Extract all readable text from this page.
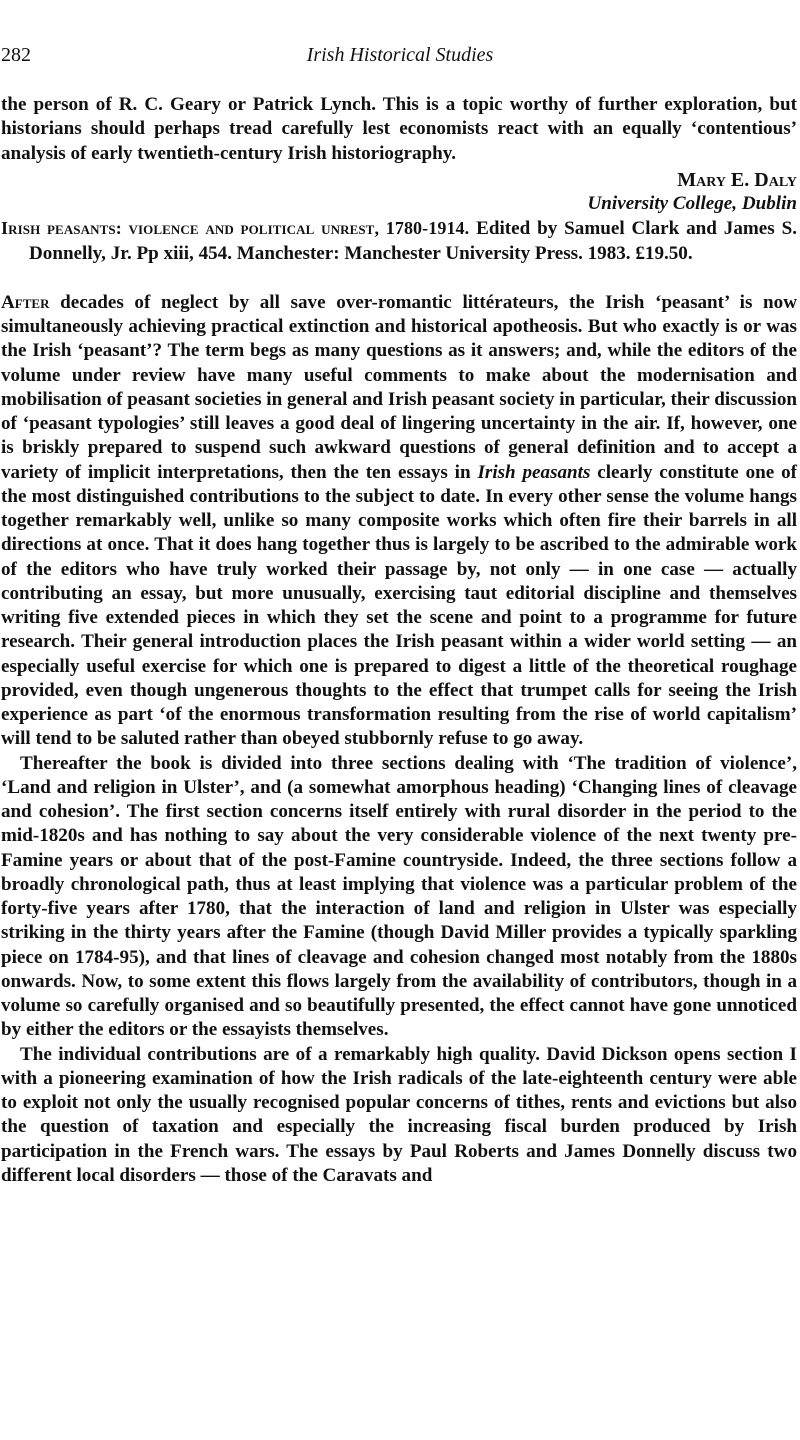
282	Irish Historical Studies

the person of R. C. Geary or Patrick Lynch. This is a topic worthy of further exploration, but historians should perhaps tread carefully lest economists react with an equally ‘contentious’ analysis of early twentieth-century Irish historiography.

Mary E. Daly
University College, Dublin

Irish peasants: violence and political unrest, 1780-1914. Edited by Samuel Clark and James S. Donnelly, Jr. Pp xiii, 454. Manchester: Manchester University Press. 1983. £19.50.

After decades of neglect by all save over-romantic littérateurs, the Irish ‘peasant’ is now simultaneously achieving practical extinction and historical apotheosis. But who exactly is or was the Irish ‘peasant’? The term begs as many questions as it answers; and, while the editors of the volume under review have many useful comments to make about the modernisation and mobilisation of peasant societies in general and Irish peasant society in particular, their discussion of ‘peasant typologies’ still leaves a good deal of lingering uncertainty in the air. If, however, one is briskly prepared to suspend such awkward questions of general definition and to accept a variety of implicit interpretations, then the ten essays in Irish peasants clearly constitute one of the most distinguished contributions to the subject to date. In every other sense the volume hangs together remarkably well, unlike so many composite works which often fire their barrels in all directions at once. That it does hang together thus is largely to be ascribed to the admirable work of the editors who have truly worked their passage by, not only — in one case — actually contributing an essay, but more unusually, exercising taut editorial discipline and themselves writing five extended pieces in which they set the scene and point to a programme for future research. Their general introduction places the Irish peasant within a wider world setting — an especially useful exercise for which one is prepared to digest a little of the theoretical roughage provided, even though ungenerous thoughts to the effect that trumpet calls for seeing the Irish experience as part ‘of the enormous transformation resulting from the rise of world capitalism’ will tend to be saluted rather than obeyed stubbornly refuse to go away.

Thereafter the book is divided into three sections dealing with ‘The tradition of violence’, ‘Land and religion in Ulster’, and (a somewhat amorphous heading) ‘Changing lines of cleavage and cohesion’. The first section concerns itself entirely with rural disorder in the period to the mid-1820s and has nothing to say about the very considerable violence of the next twenty pre-Famine years or about that of the post-Famine countryside. Indeed, the three sections follow a broadly chronological path, thus at least implying that violence was a particular problem of the forty-five years after 1780, that the interaction of land and religion in Ulster was especially striking in the thirty years after the Famine (though David Miller provides a typically sparkling piece on 1784-95), and that lines of cleavage and cohesion changed most notably from the 1880s onwards. Now, to some extent this flows largely from the availability of contributors, though in a volume so carefully organised and so beautifully presented, the effect cannot have gone unnoticed by either the editors or the essayists themselves.

The individual contributions are of a remarkably high quality. David Dickson opens section I with a pioneering examination of how the Irish radicals of the late-eighteenth century were able to exploit not only the usually recognised popular concerns of tithes, rents and evictions but also the question of taxation and especially the increasing fiscal burden produced by Irish participation in the French wars. The essays by Paul Roberts and James Donnelly discuss two different local disorders — those of the Caravats and
